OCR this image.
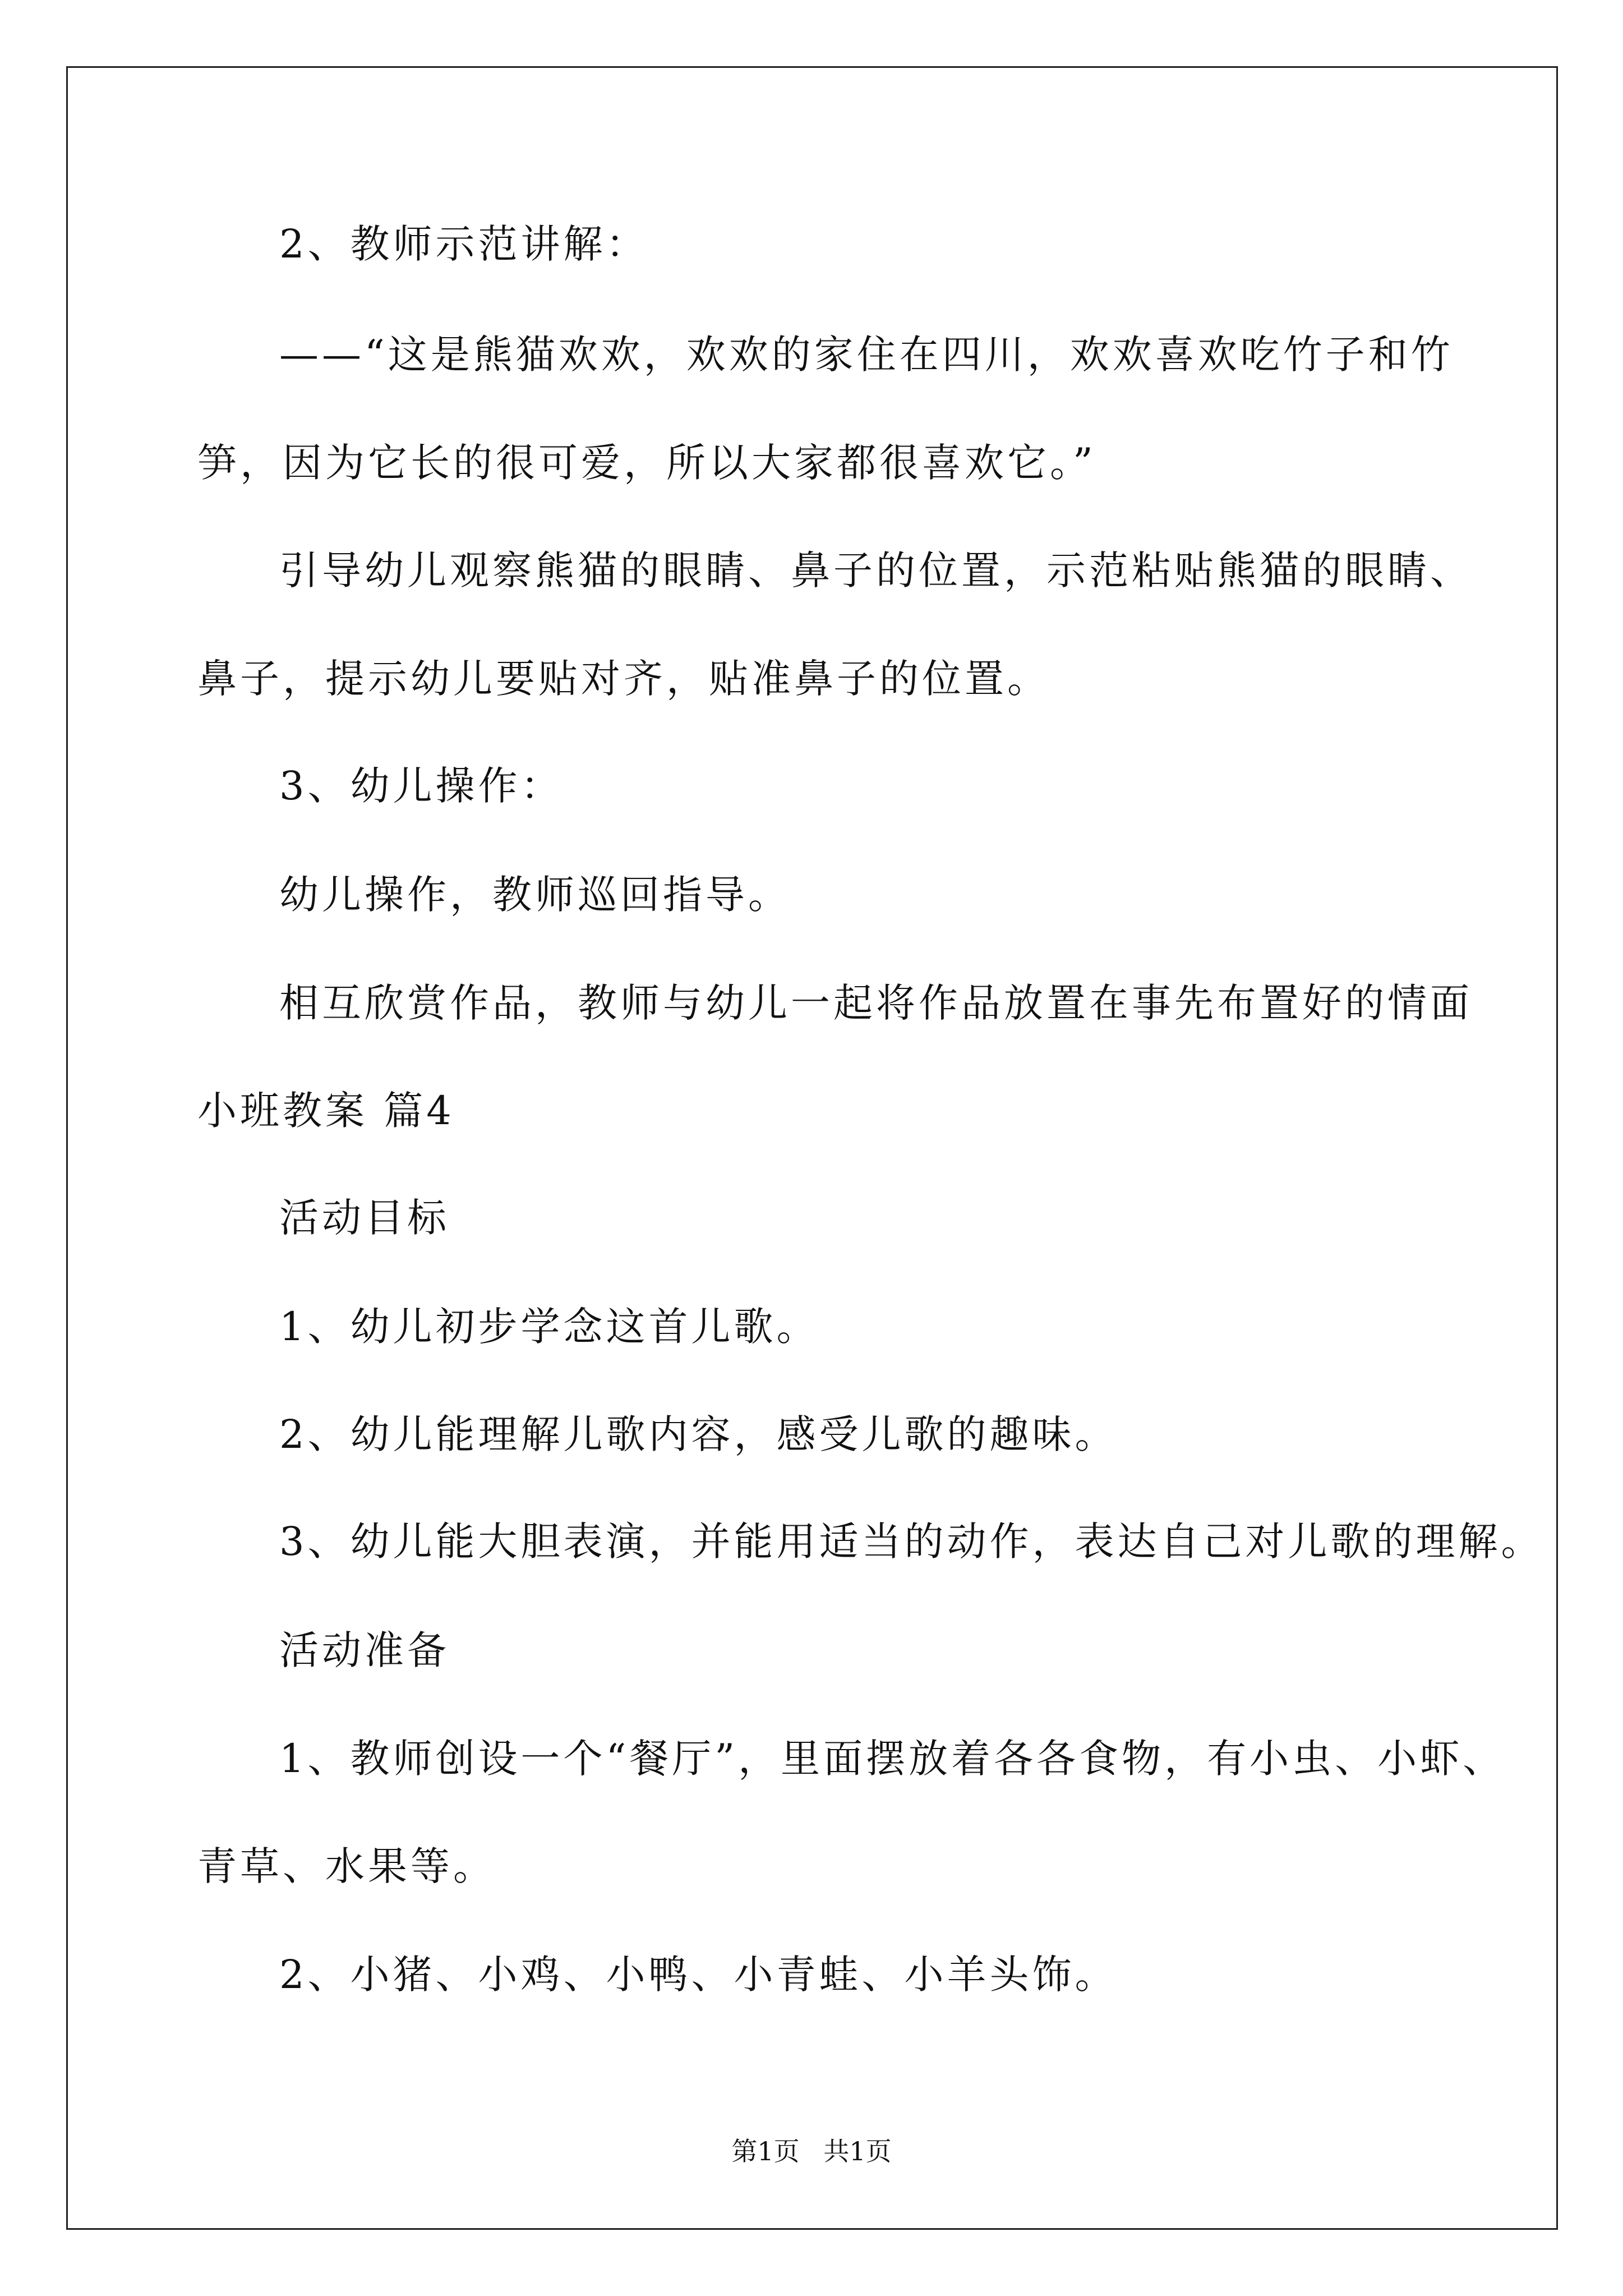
2、教师示范讲解：

——“这是熊猫欢欢，欢欢的家住在四川，欢欢喜欢吃竹子和竹

笋，因为它长的很可爱，所以大家都很喜欢它。”

引导幼儿观察熊猫的眼睛、鼻子的位置，示范粘贴熊猫的眼睛、

鼻子，提示幼儿要贴对齐，贴准鼻子的位置。

3、幼儿操作：

幼儿操作，教师巡回指导。

相互欣赏作品，教师与幼儿一起将作品放置在事先布置好的情面

小班教案 篇4

活动目标

1、幼儿初步学念这首儿歌。

2、幼儿能理解儿歌内容，感受儿歌的趣味。

3、幼儿能大胆表演，并能用适当的动作，表达自己对儿歌的理解。

活动准备

1、教师创设一个“餐厅”，里面摆放着各各食物，有小虫、小虾、

青草、水果等。

2、小猪、小鸡、小鸭、小青蛙、小羊头饰。

第1页 共1页
